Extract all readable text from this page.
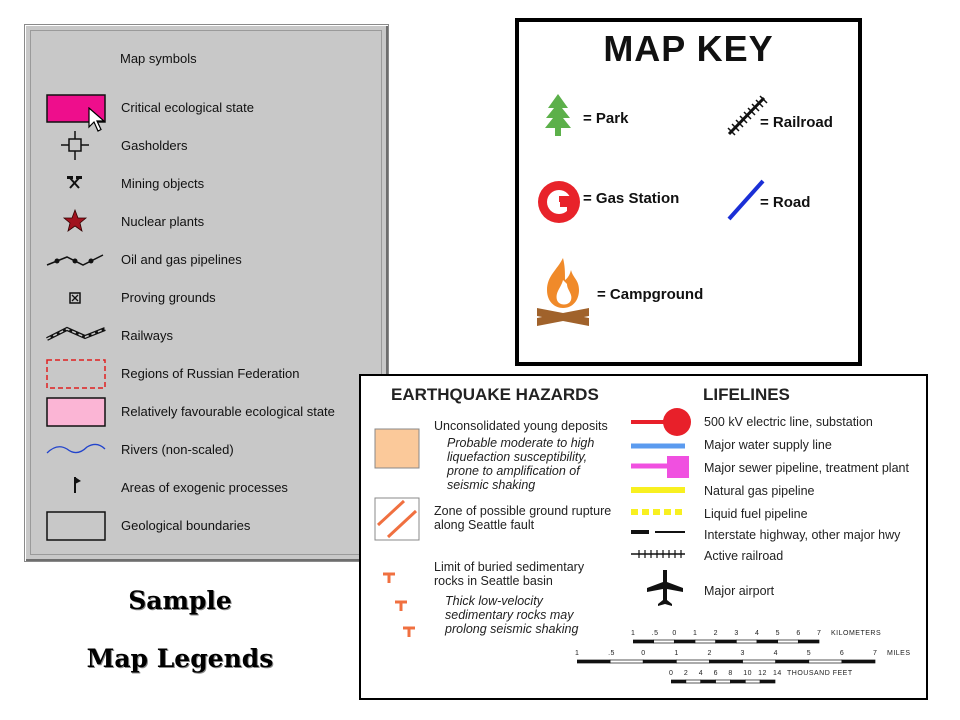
Map symbols
Critical ecological state
Gasholders
Mining objects
Nuclear plants
Oil and gas pipelines
Proving grounds
Railways
Regions of Russian Federation
Relatively favourable ecological state
Rivers (non-scaled)
Areas of exogenic processes
Geological boundaries
MAP KEY
= Park	= Railroad
= Gas Station	= Road
= Campground
EARTHQUAKE HAZARDS	LIFELINES
Unconsolidated young deposits
Probable moderate to high
liquefaction susceptibility,
prone to amplification of
seismic shaking
Zone of possible ground rupture
along Seattle fault
Limit of buried sedimentary
rocks in Seattle basin
Thick low-velocity
sedimentary rocks may
prolong seismic shaking
500 kV electric line, substation
Major water supply line
Major sewer pipeline, treatment plant
Natural gas pipeline
Liquid fuel pipeline
Interstate highway, other major hwy
Active railroad
Major airport
1 .5 0 1 2 3 4 5 6 7 KILOMETERS
1	.5	0	1	2	3	4	5	6	7 MILES
0 2 4 6 8 10 12 14 THOUSAND FEET
Sample
Map Legends
